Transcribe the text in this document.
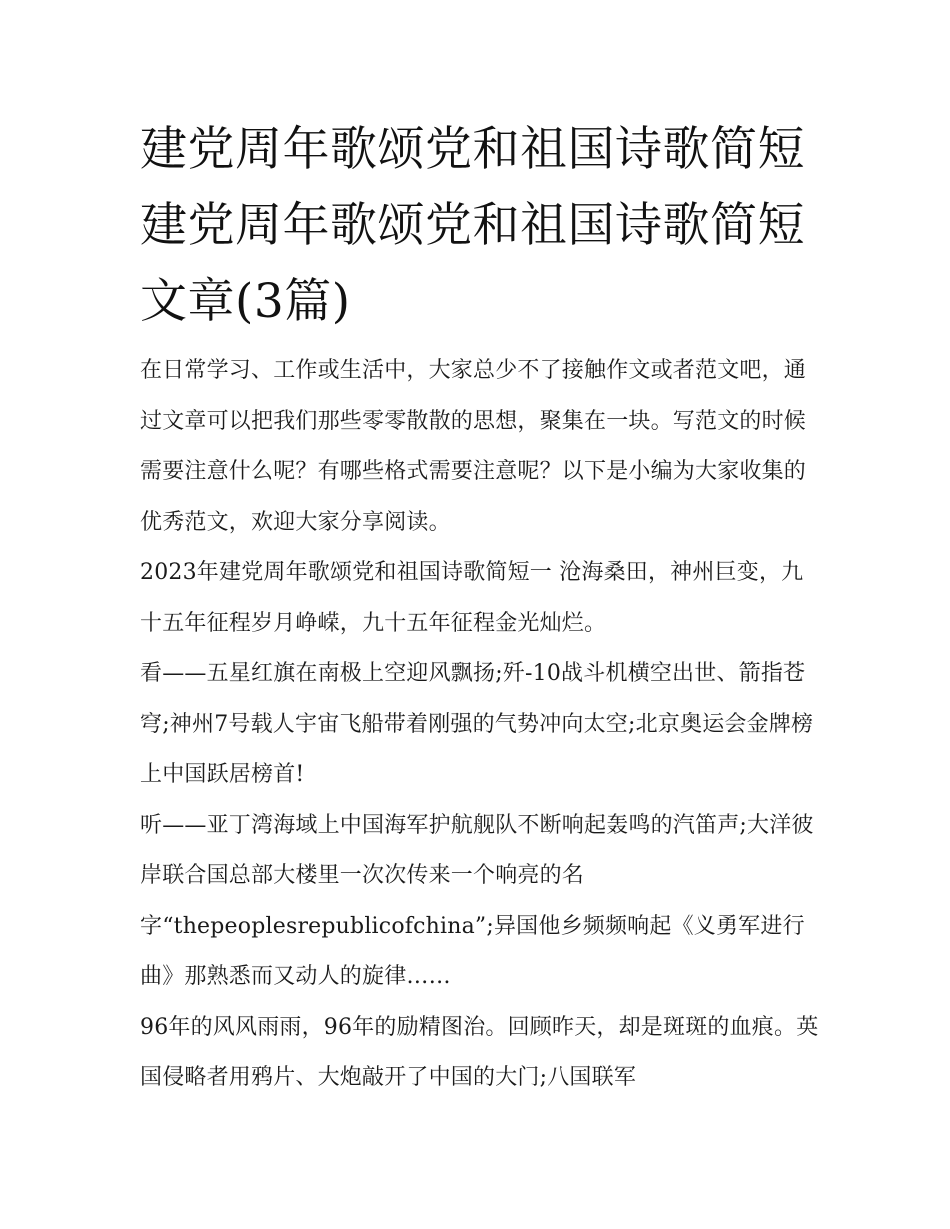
建党周年歌颂党和祖国诗歌简短 建党周年歌颂党和祖国诗歌简短文章(3篇)

在日常学习、工作或生活中，大家总少不了接触作文或者范文吧，通过文章可以把我们那些零零散散的思想，聚集在一块。写范文的时候需要注意什么呢？有哪些格式需要注意呢？以下是小编为大家收集的优秀范文，欢迎大家分享阅读。

2023年建党周年歌颂党和祖国诗歌简短一 沧海桑田，神州巨变，九十五年征程岁月峥嵘，九十五年征程金光灿烂。

看——五星红旗在南极上空迎风飘扬;歼-10战斗机横空出世、箭指苍穹;神州7号载人宇宙飞船带着刚强的气势冲向太空;北京奥运会金牌榜上中国跃居榜首!

听——亚丁湾海域上中国海军护航舰队不断响起轰鸣的汽笛声;大洋彼岸联合国总部大楼里一次次传来一个响亮的名字“thepeoplesrepublicofchina”;异国他乡频频响起《义勇军进行曲》那熟悉而又动人的旋律……

96年的风风雨雨，96年的励精图治。回顾昨天，却是斑斑的血痕。英国侵略者用鸦片、大炮敲开了中国的大门;八国联军
